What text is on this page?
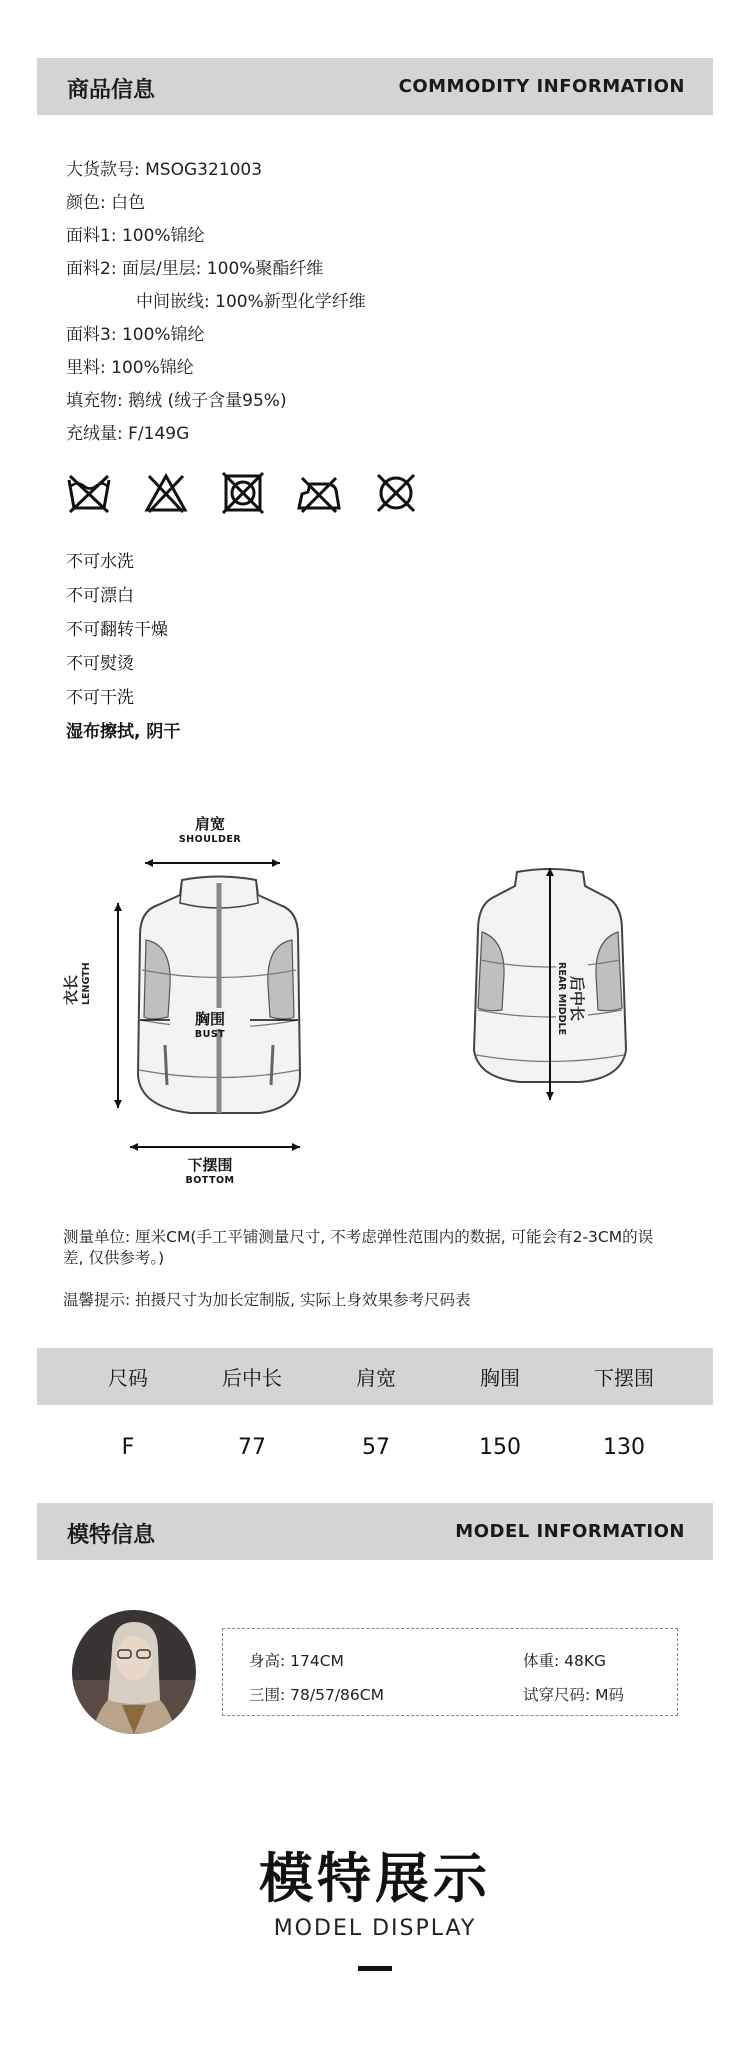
商品信息	COMMODITY INFORMATION
大货款号: MSOG321003
颜色: 白色
面料1: 100%锦纶
面料2: 面层/里层: 100%聚酯纤维
中间嵌线: 100%新型化学纤维
面料3: 100%锦纶
里料: 100%锦纶
填充物: 鹅绒 (绒子含量95%)
充绒量: F/149G
不可水洗
不可漂白
不可翻转干燥
不可熨烫
不可干洗
湿布擦拭, 阴干
肩宽
SHOULDER
衣长 LENGTH
胸围
BUST
下摆围
BOTTOM
后中长
REAR MIDDLE
测量单位: 厘米CM(手工平铺测量尺寸, 不考虑弹性范围内的数据, 可能会有2-3CM的误差, 仅供参考。)
温馨提示: 拍摄尺寸为加长定制版, 实际上身效果参考尺码表
尺码	后中长	肩宽	胸围	下摆围
F	77	57	150	130
模特信息	MODEL INFORMATION
身高: 174CM	体重: 48KG
三围: 78/57/86CM	试穿尺码: M码
模特展示
MODEL DISPLAY
